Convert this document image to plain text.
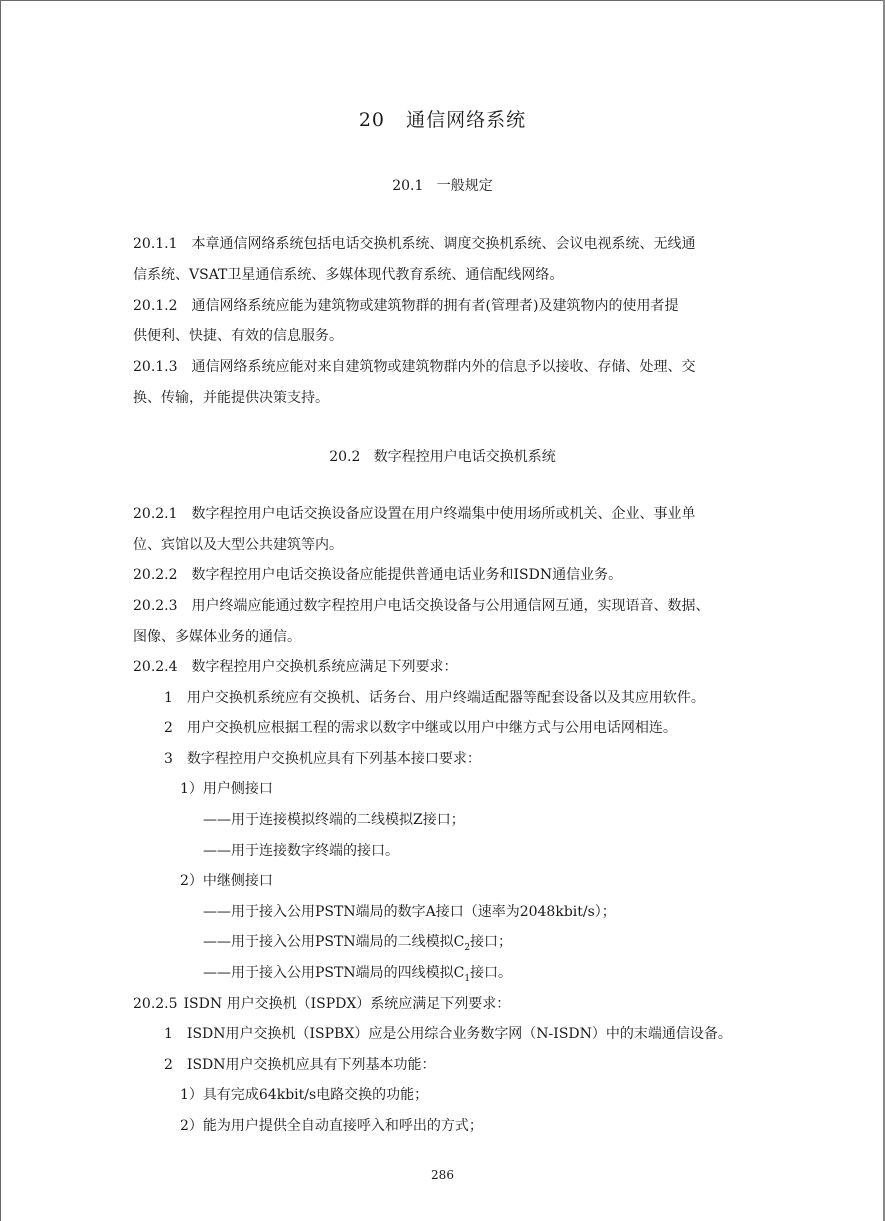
20 通信网络系统
20.1 一般规定
20.1.1 本章通信网络系统包括电话交换机系统、调度交换机系统、会议电视系统、无线通
信系统、VSAT卫星通信系统、多媒体现代教育系统、通信配线网络。
20.1.2 通信网络系统应能为建筑物或建筑物群的拥有者(管理者)及建筑物内的使用者提
供便利、快捷、有效的信息服务。
20.1.3 通信网络系统应能对来自建筑物或建筑物群内外的信息予以接收、存储、处理、交
换、传输，并能提供决策支持。
20.2 数字程控用户电话交换机系统
20.2.1 数字程控用户电话交换设备应设置在用户终端集中使用场所或机关、企业、事业单
位、宾馆以及大型公共建筑等内。
20.2.2 数字程控用户电话交换设备应能提供普通电话业务和ISDN通信业务。
20.2.3 用户终端应能通过数字程控用户电话交换设备与公用通信网互通，实现语音、数据、
图像、多媒体业务的通信。
20.2.4 数字程控用户交换机系统应满足下列要求：
1 用户交换机系统应有交换机、话务台、用户终端适配器等配套设备以及其应用软件。
2 用户交换机应根据工程的需求以数字中继或以用户中继方式与公用电话网相连。
3 数字程控用户交换机应具有下列基本接口要求：
1）用户侧接口
——用于连接模拟终端的二线模拟Z接口；
——用于连接数字终端的接口。
2）中继侧接口
——用于接入公用PSTN端局的数字A接口（速率为2048kbit/s）；
——用于接入公用PSTN端局的二线模拟$C_2$接口；
——用于接入公用PSTN端局的四线模拟$C_1$接口。
20.2.5 ISDN 用户交换机（ISPDX）系统应满足下列要求：
1 ISDN用户交换机（ISPBX）应是公用综合业务数字网（N-ISDN）中的末端通信设备。
2 ISDN用户交换机应具有下列基本功能：
1）具有完成64kbit/s电路交换的功能；
2）能为用户提供全自动直接呼入和呼出的方式；
286
